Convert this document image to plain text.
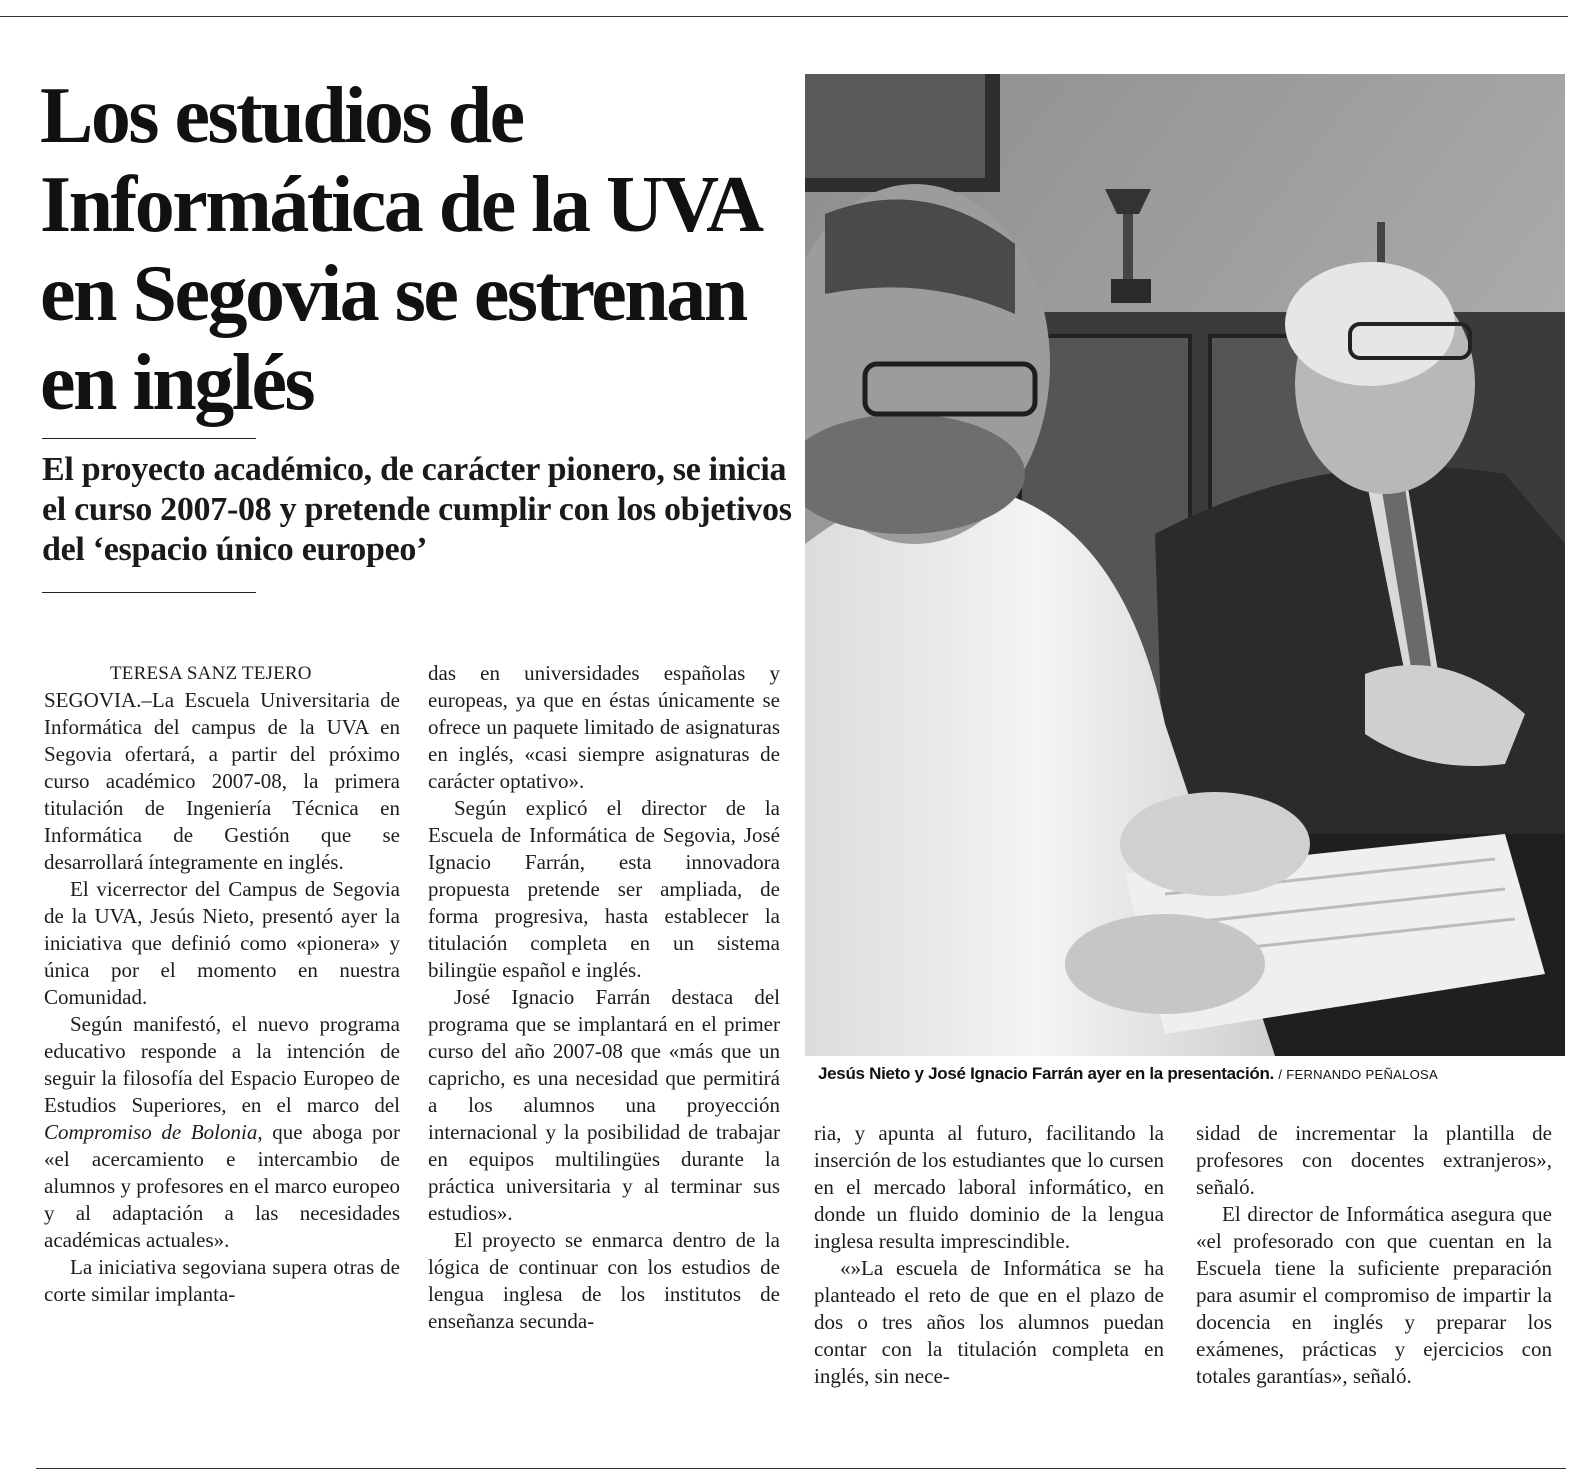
Los estudios de Informática de la UVA en Segovia se estrenan en inglés
El proyecto académico, de carácter pionero, se inicia el curso 2007-08 y pretende cumplir con los objetivos del ‘espacio único europeo’

TERESA SANZ TEJERO

SEGOVIA.–La Escuela Universitaria de Informática del campus de la UVA en Segovia ofertará, a partir del próximo curso académico 2007-08, la primera titulación de Ingeniería Técnica en Informática de Gestión que se desarrollará íntegramente en inglés.

El vicerrector del Campus de Segovia de la UVA, Jesús Nieto, presentó ayer la iniciativa que definió como «pionera» y única por el momento en nuestra Comunidad.

Según manifestó, el nuevo programa educativo responde a la intención de seguir la filosofía del Espacio Europeo de Estudios Superiores, en el marco del Compromiso de Bolonia, que aboga por «el acercamiento e intercambio de alumnos y profesores en el marco europeo y al adaptación a las necesidades académicas actuales».

La iniciativa segoviana supera otras de corte similar implanta-

das en universidades españolas y europeas, ya que en éstas únicamente se ofrece un paquete limitado de asignaturas en inglés, «casi siempre asignaturas de carácter optativo».

Según explicó el director de la Escuela de Informática de Segovia, José Ignacio Farrán, esta innovadora propuesta pretende ser ampliada, de forma progresiva, hasta establecer la titulación completa en un sistema bilingüe español e inglés.

José Ignacio Farrán destaca del programa que se implantará en el primer curso del año 2007-08 que «más que un capricho, es una necesidad que permitirá a los alumnos una proyección internacional y la posibilidad de trabajar en equipos multilingües durante la práctica universitaria y al terminar sus estudios».

El proyecto se enmarca dentro de la lógica de continuar con los estudios de lengua inglesa de los institutos de enseñanza secunda-

Jesús Nieto y José Ignacio Farrán ayer en la presentación. / FERNANDO PEÑALOSA

ria, y apunta al futuro, facilitando la inserción de los estudiantes que lo cursen en el mercado laboral informático, en donde un fluido dominio de la lengua inglesa resulta imprescindible.

«»La escuela de Informática se ha planteado el reto de que en el plazo de dos o tres años los alumnos puedan contar con la titulación completa en inglés, sin nece-

sidad de incrementar la plantilla de profesores con docentes extranjeros», señaló.

El director de Informática asegura que «el profesorado con que cuentan en la Escuela tiene la suficiente preparación para asumir el compromiso de impartir la docencia en inglés y preparar los exámenes, prácticas y ejercicios con totales garantías», señaló.
